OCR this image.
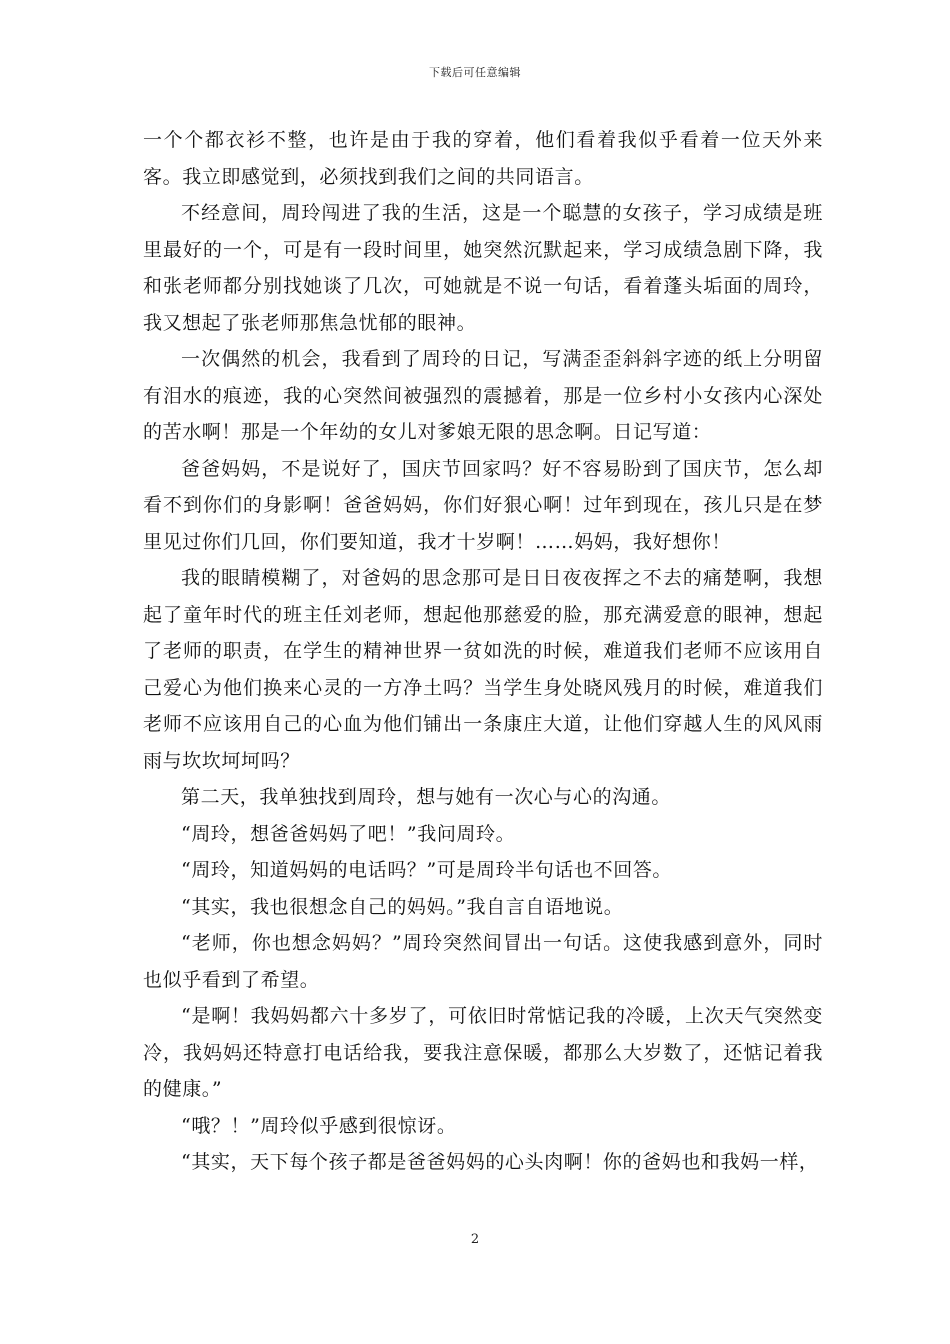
下载后可任意编辑

一个个都衣衫不整，也许是由于我的穿着，他们看着我似乎看着一位天外来客。我立即感觉到，必须找到我们之间的共同语言。

不经意间，周玲闯进了我的生活，这是一个聪慧的女孩子，学习成绩是班里最好的一个，可是有一段时间里，她突然沉默起来，学习成绩急剧下降，我和张老师都分别找她谈了几次，可她就是不说一句话，看着蓬头垢面的周玲，我又想起了张老师那焦急忧郁的眼神。

一次偶然的机会，我看到了周玲的日记，写满歪歪斜斜字迹的纸上分明留有泪水的痕迹，我的心突然间被强烈的震撼着，那是一位乡村小女孩内心深处的苦水啊！那是一个年幼的女儿对爹娘无限的思念啊。日记写道：

爸爸妈妈，不是说好了，国庆节回家吗？好不容易盼到了国庆节，怎么却看不到你们的身影啊！爸爸妈妈，你们好狠心啊！过年到现在，孩儿只是在梦里见过你们几回，你们要知道，我才十岁啊！……妈妈，我好想你！

我的眼睛模糊了，对爸妈的思念那可是日日夜夜挥之不去的痛楚啊，我想起了童年时代的班主任刘老师，想起他那慈爱的脸，那充满爱意的眼神，想起了老师的职责，在学生的精神世界一贫如洗的时候，难道我们老师不应该用自己爱心为他们换来心灵的一方净土吗？当学生身处晓风残月的时候，难道我们老师不应该用自己的心血为他们铺出一条康庄大道，让他们穿越人生的风风雨雨与坎坎坷坷吗？

第二天，我单独找到周玲，想与她有一次心与心的沟通。

“周玲，想爸爸妈妈了吧！”我问周玲。

“周玲，知道妈妈的电话吗？”可是周玲半句话也不回答。

“其实，我也很想念自己的妈妈。”我自言自语地说。

“老师，你也想念妈妈？”周玲突然间冒出一句话。这使我感到意外，同时也似乎看到了希望。

“是啊！我妈妈都六十多岁了，可依旧时常惦记我的冷暖，上次天气突然变冷，我妈妈还特意打电话给我，要我注意保暖，都那么大岁数了，还惦记着我的健康。”

“哦？！”周玲似乎感到很惊讶。

“其实，天下每个孩子都是爸爸妈妈的心头肉啊！你的爸妈也和我妈一样，

2
